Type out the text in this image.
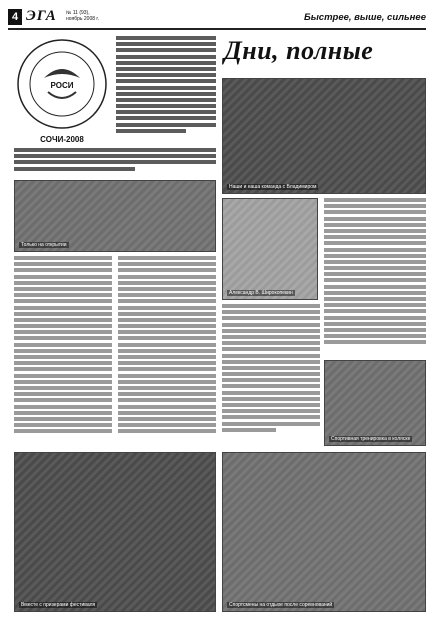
4 ЭГА № 11 (93),
ноябрь 2008 г.	Быстрее, выше, сильнее
СОЧИ-2008
РОСИ
Дни, полные
Только на открытии
Наши и наша команда с Владимиром
Александр В. Широкопекин
Спортивная тренировка в коляске
Вместе с призерами фестиваля	Спортсмены на отдыхе после соревнований
